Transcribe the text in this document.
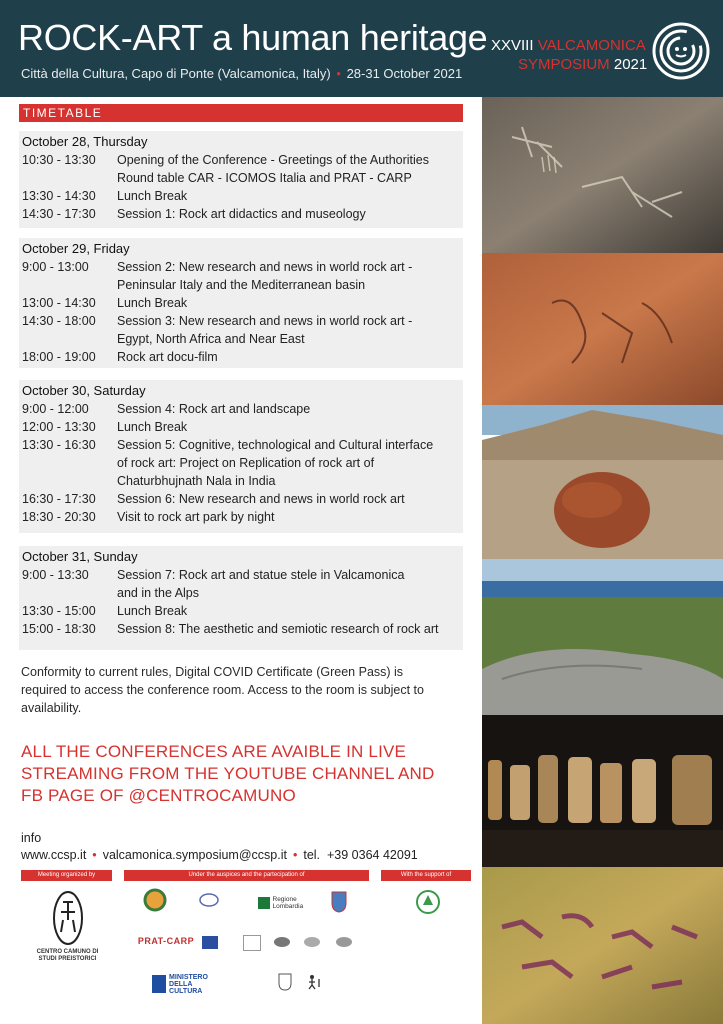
ROCK-ART a human heritage
Città della Cultura, Capo di Ponte (Valcamonica, Italy) • 28-31 October 2021
XXVIII VALCAMONICA
SYMPOSIUM 2021
TIMETABLE
October 28, Thursday
10:30 - 13:30	Opening of the Conference - Greetings of the Authorities
Round table CAR - ICOMOS Italia and PRAT - CARP
13:30 - 14:30	Lunch Break
14:30 - 17:30	Session 1: Rock art didactics and museology
October 29, Friday
9:00 - 13:00	Session 2: New research and news in world rock art -
Peninsular Italy and the Mediterranean basin
13:00 - 14:30	Lunch Break
14:30 - 18:00	Session 3: New research and news in world rock art -
Egypt, North Africa and Near East
18:00 - 19:00	Rock art docu-film
October 30, Saturday
9:00 - 12:00	Session 4: Rock art and landscape
12:00 - 13:30	Lunch Break
13:30 - 16:30	Session 5: Cognitive, technological and Cultural interface
of rock art: Project on Replication of rock art of
Chaturbhujnath Nala in India
16:30 - 17:30	Session 6: New research and news in world rock art
18:30 - 20:30	Visit to rock art park by night
October 31, Sunday
9:00 - 13:30	Session 7: Rock art and statue stele in Valcamonica
and in the Alps
13:30 - 15:00	Lunch Break
15:00 - 18:30	Session 8: The aesthetic and semiotic research of rock art
Conformity to current rules, Digital COVID Certificate (Green Pass) is
required to access the conference room. Access to the room is subject to
availability.
ALL THE CONFERENCES ARE AVAIBLE IN LIVE
STREAMING FROM THE YOUTUBE CHANNEL AND
FB PAGE OF @CENTROCAMUNO
info
www.ccsp.it • valcamonica.symposium@ccsp.it • tel. +39 0364 42091
Meeting organized by	Under the auspices and the partecipation of	With the support of
CENTRO CAMUNO DI STUDI PREISTORICI
Regione Lombardia
PRAT-CARP
MINISTERO
DELLA
CULTURA
